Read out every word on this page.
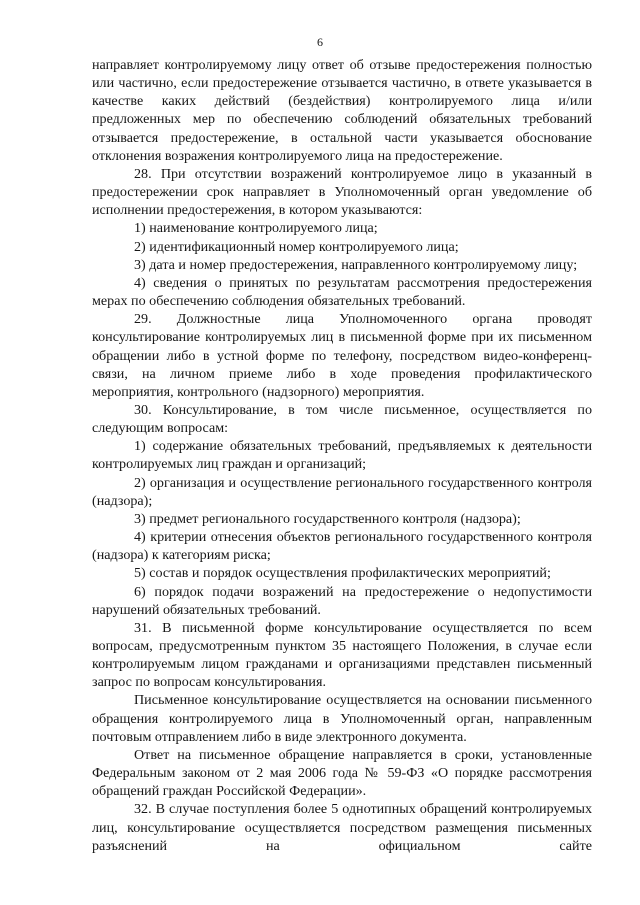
6

направляет контролируемому лицу ответ об отзыве предостережения полностью или частично, если предостережение отзывается частично, в ответе указывается в качестве каких действий (бездействия) контролируемого лица и/или предложенных мер по обеспечению соблюдений обязательных требований отзывается предостережение, в остальной части указывается обоснование отклонения возражения контролируемого лица на предостережение.

28. При отсутствии возражений контролируемое лицо в указанный в предостережении срок направляет в Уполномоченный орган уведомление об исполнении предостережения, в котором указываются:

1) наименование контролируемого лица;

2) идентификационный номер контролируемого лица;

3) дата и номер предостережения, направленного контролируемому лицу;

4) сведения о принятых по результатам рассмотрения предостережения мерах по обеспечению соблюдения обязательных требований.

29. Должностные лица Уполномоченного органа проводят консультирование контролируемых лиц в письменной форме при их письменном обращении либо в устной форме по телефону, посредством видео-конференц-связи, на личном приеме либо в ходе проведения профилактического мероприятия, контрольного (надзорного) мероприятия.

30. Консультирование, в том числе письменное, осуществляется по следующим вопросам:

1) содержание обязательных требований, предъявляемых к деятельности контролируемых лиц граждан и организаций;

2) организация и осуществление регионального государственного контроля (надзора);

3) предмет регионального государственного контроля (надзора);

4) критерии отнесения объектов регионального государственного контроля (надзора) к категориям риска;

5) состав и порядок осуществления профилактических мероприятий;

6) порядок подачи возражений на предостережение о недопустимости нарушений обязательных требований.

31. В письменной форме консультирование осуществляется по всем вопросам, предусмотренным пунктом 35 настоящего Положения, в случае если контролируемым лицом гражданами и организациями представлен письменный запрос по вопросам консультирования.

Письменное консультирование осуществляется на основании письменного обращения контролируемого лица в Уполномоченный орган, направленным почтовым отправлением либо в виде электронного документа.

Ответ на письменное обращение направляется в сроки, установленные Федеральным законом от 2 мая 2006 года № 59-ФЗ «О порядке рассмотрения обращений граждан Российской Федерации».

32. В случае поступления более 5 однотипных обращений контролируемых лиц, консультирование осуществляется посредством размещения письменных разъяснений на официальном сайте
